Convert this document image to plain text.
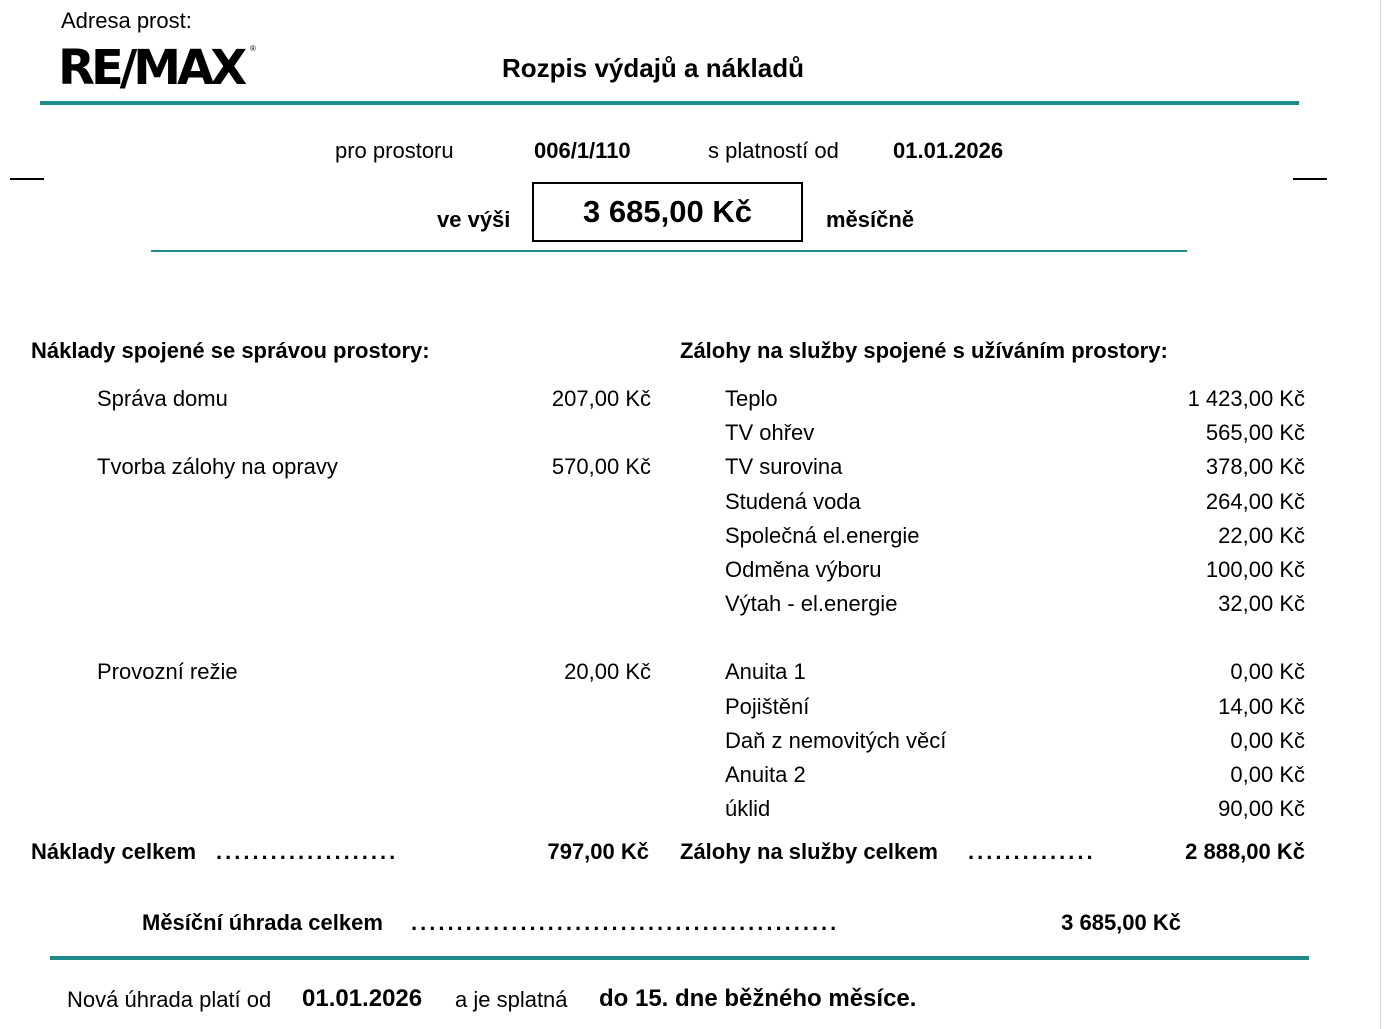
Adresa prost:
RE/MAX ®
Rozpis výdajů a nákladů
pro prostoru	006/1/110	s platností od 01.01.2026
ve výši 3 685,00 Kč	měsíčně
Náklady spojené se správou prostory:	Zálohy na služby spojené s užíváním prostory:
Správa domu	207,00 Kč
Tvorba zálohy na opravy	570,00 Kč
Provozní režie	20,00 Kč
Teplo	1 423,00 Kč
TV ohřev	565,00 Kč
TV surovina	378,00 Kč
Studená voda	264,00 Kč
Společná el.energie	22,00 Kč
Odměna výboru	100,00 Kč
Výtah - el.energie	32,00 Kč
Anuita 1	0,00 Kč
Pojištění	14,00 Kč
Daň z nemovitých věcí	0,00 Kč
Anuita 2	0,00 Kč
úklid	90,00 Kč
Náklady celkem ....................	797,00 Kč Zálohy na služby celkem ..............	2 888,00 Kč
Měsíční úhrada celkem ...............................................	3 685,00 Kč
Nová úhrada platí od 01.01.2026 a je splatná do 15. dne běžného měsíce.
